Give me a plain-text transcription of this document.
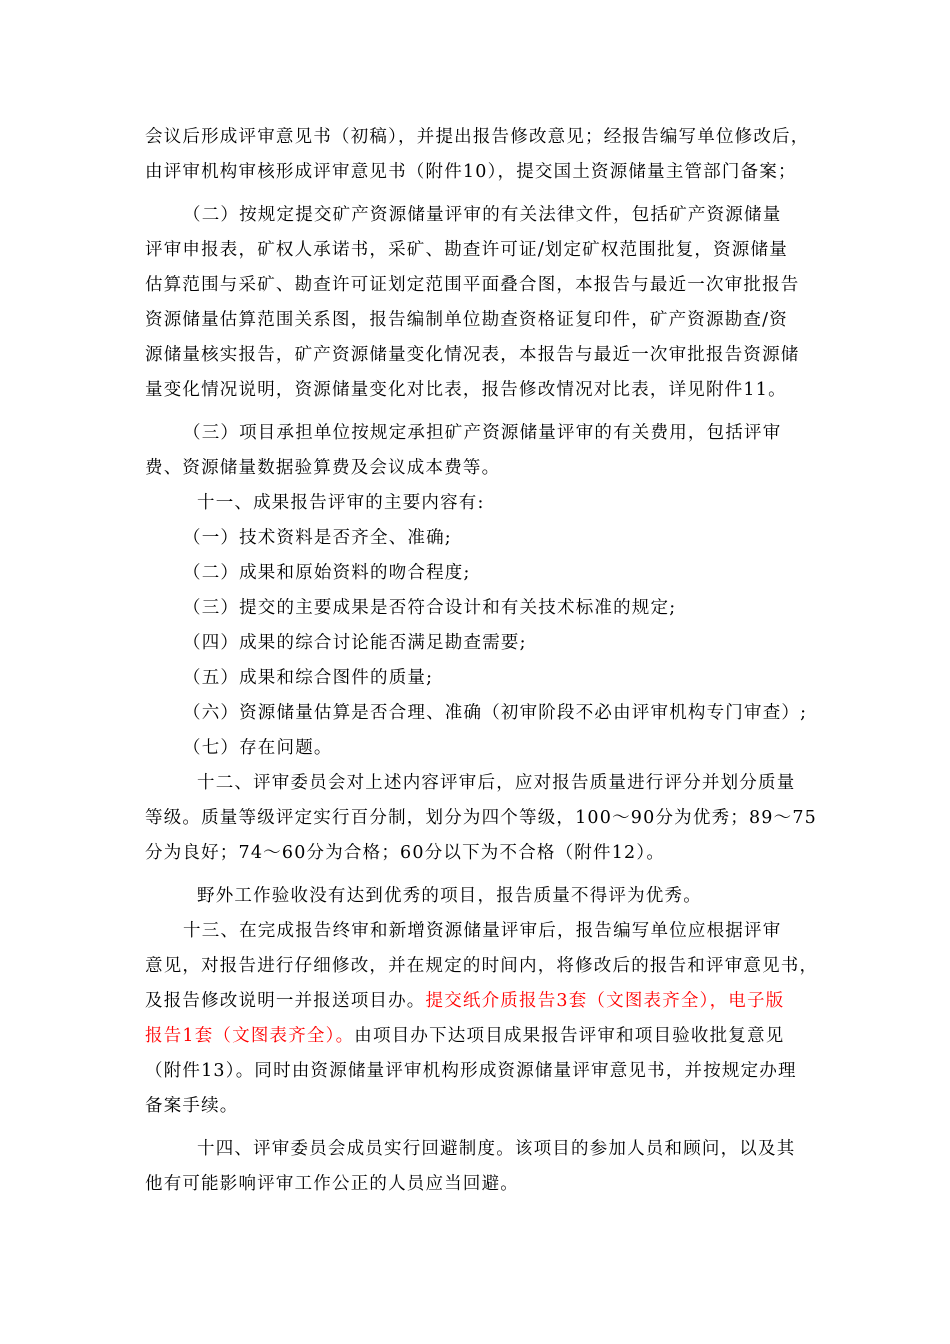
会议后形成评审意见书（初稿），并提出报告修改意见；经报告编写单位修改后，
由评审机构审核形成评审意见书（附件10），提交国土资源储量主管部门备案；
（二）按规定提交矿产资源储量评审的有关法律文件，包括矿产资源储量
评审申报表，矿权人承诺书，采矿、勘查许可证/划定矿权范围批复，资源储量
估算范围与采矿、勘查许可证划定范围平面叠合图，本报告与最近一次审批报告
资源储量估算范围关系图，报告编制单位勘查资格证复印件，矿产资源勘查/资
源储量核实报告，矿产资源储量变化情况表，本报告与最近一次审批报告资源储
量变化情况说明，资源储量变化对比表，报告修改情况对比表，详见附件11。
（三）项目承担单位按规定承担矿产资源储量评审的有关费用，包括评审
费、资源储量数据验算费及会议成本费等。
十一、成果报告评审的主要内容有:
（一）技术资料是否齐全、准确;
（二）成果和原始资料的吻合程度;
（三）提交的主要成果是否符合设计和有关技术标准的规定;
（四）成果的综合讨论能否满足勘查需要;
（五）成果和综合图件的质量;
（六）资源储量估算是否合理、准确（初审阶段不必由评审机构专门审查）;
（七）存在问题。
十二、评审委员会对上述内容评审后，应对报告质量进行评分并划分质量
等级。质量等级评定实行百分制，划分为四个等级，100～90分为优秀；89～75
分为良好；74～60分为合格；60分以下为不合格（附件12）。
野外工作验收没有达到优秀的项目，报告质量不得评为优秀。
十三、在完成报告终审和新增资源储量评审后，报告编写单位应根据评审
意见，对报告进行仔细修改，并在规定的时间内，将修改后的报告和评审意见书，
及报告修改说明一并报送项目办。提交纸介质报告3套（文图表齐全），电子版
报告1套（文图表齐全）。由项目办下达项目成果报告评审和项目验收批复意见
（附件13）。同时由资源储量评审机构形成资源储量评审意见书，并按规定办理
备案手续。
十四、评审委员会成员实行回避制度。该项目的参加人员和顾问，以及其
他有可能影响评审工作公正的人员应当回避。
